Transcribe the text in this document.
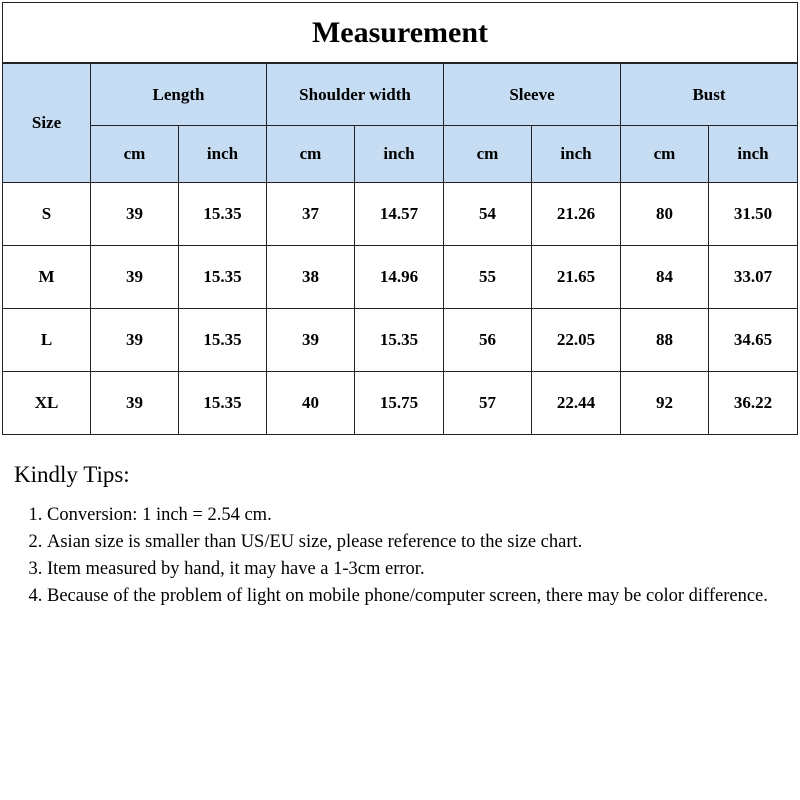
Measurement								
Size	Length		Shoulder width		Sleeve		Bust	
	cm	inch	cm	inch	cm	inch	cm	inch
S	39	15.35	37	14.57	54	21.26	80	31.50
M	39	15.35	38	14.96	55	21.65	84	33.07
L	39	15.35	39	15.35	56	22.05	88	34.65
XL	39	15.35	40	15.75	57	22.44	92	36.22
Kindly Tips:
1. Conversion: 1 inch = 2.54 cm.
2. Asian size is smaller than US/EU size, please reference to the size chart.
3. Item measured by hand, it may have a 1-3cm error.
4. Because of the problem of light on mobile phone/computer screen, there may be color difference.
